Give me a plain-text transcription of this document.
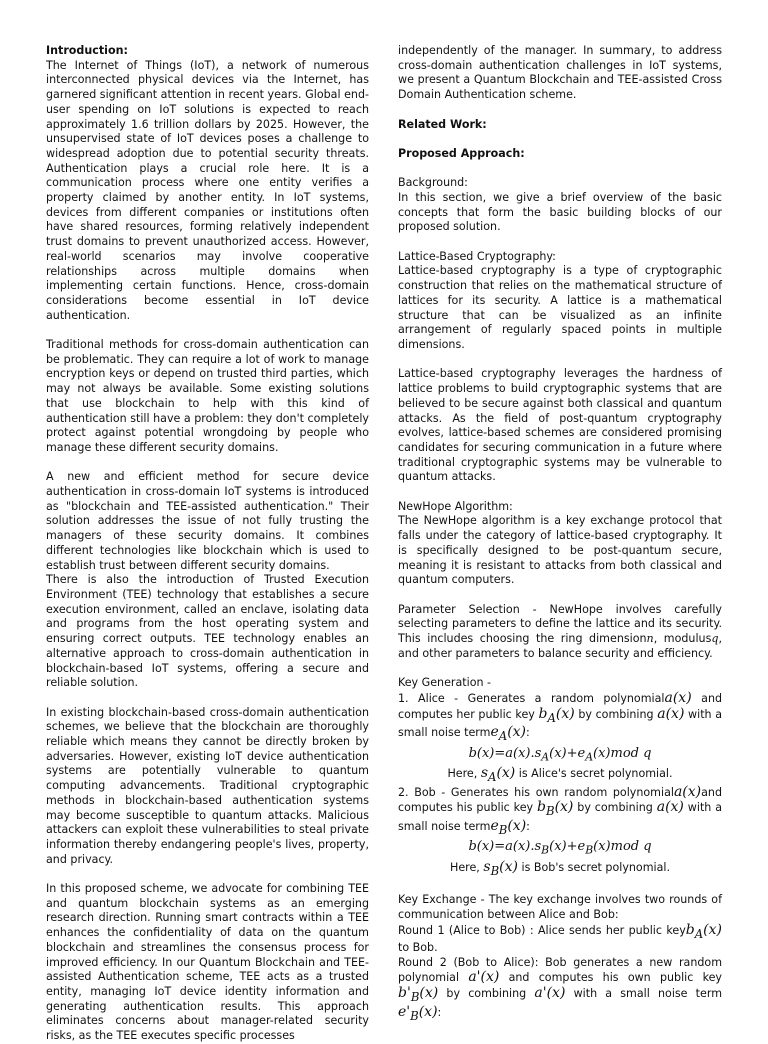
Introduction:

The Internet of Things (IoT), a network of numerous interconnected physical devices via the Internet, has garnered significant attention in recent years. Global end-user spending on IoT solutions is expected to reach approximately 1.6 trillion dollars by 2025. However, the unsupervised state of IoT devices poses a challenge to widespread adoption due to potential security threats. Authentication plays a crucial role here. It is a communication process where one entity verifies a property claimed by another entity. In IoT systems, devices from different companies or institutions often have shared resources, forming relatively independent trust domains to prevent unauthorized access. However, real-world scenarios may involve cooperative relationships across multiple domains when implementing certain functions. Hence, cross-domain considerations become essential in IoT device authentication.

Traditional methods for cross-domain authentication can be problematic. They can require a lot of work to manage encryption keys or depend on trusted third parties, which may not always be available. Some existing solutions that use blockchain to help with this kind of authentication still have a problem: they don't completely protect against potential wrongdoing by people who manage these different security domains.

A new and efficient method for secure device authentication in cross-domain IoT systems is introduced as "blockchain and TEE-assisted authentication." Their solution addresses the issue of not fully trusting the managers of these security domains. It combines different technologies like blockchain which is used to establish trust between different security domains.

There is also the introduction of Trusted Execution Environment (TEE) technology that establishes a secure execution environment, called an enclave, isolating data and programs from the host operating system and ensuring correct outputs. TEE technology enables an alternative approach to cross-domain authentication in blockchain-based IoT systems, offering a secure and reliable solution.

In existing blockchain-based cross-domain authentication schemes, we believe that the blockchain are thoroughly reliable which means they cannot be directly broken by adversaries. However, existing IoT device authentication systems are potentially vulnerable to quantum computing advancements. Traditional cryptographic methods in blockchain-based authentication systems may become susceptible to quantum attacks. Malicious attackers can exploit these vulnerabilities to steal private information thereby endangering people's lives, property, and privacy.

In this proposed scheme, we advocate for combining TEE and quantum blockchain systems as an emerging research direction. Running smart contracts within a TEE enhances the confidentiality of data on the quantum blockchain and streamlines the consensus process for improved efficiency. In our Quantum Blockchain and TEE-assisted Authentication scheme, TEE acts as a trusted entity, managing IoT device identity information and generating authentication results. This approach eliminates concerns about manager-related security risks, as the TEE executes specific processes

independently of the manager. In summary, to address cross-domain authentication challenges in IoT systems, we present a Quantum Blockchain and TEE-assisted Cross Domain Authentication scheme.

Related Work:

Proposed Approach:

Background:

In this section, we give a brief overview of the basic concepts that form the basic building blocks of our proposed solution.

Lattice-Based Cryptography:

Lattice-based cryptography is a type of cryptographic construction that relies on the mathematical structure of lattices for its security. A lattice is a mathematical structure that can be visualized as an infinite arrangement of regularly spaced points in multiple dimensions.

Lattice-based cryptography leverages the hardness of lattice problems to build cryptographic systems that are believed to be secure against both classical and quantum attacks. As the field of post-quantum cryptography evolves, lattice-based schemes are considered promising candidates for securing communication in a future where traditional cryptographic systems may be vulnerable to quantum attacks.

NewHope Algorithm:

The NewHope algorithm is a key exchange protocol that falls under the category of lattice-based cryptography. It is specifically designed to be post-quantum secure, meaning it is resistant to attacks from both classical and quantum computers.

Parameter Selection - NewHope involves carefully selecting parameters to define the lattice and its security. This includes choosing the ring dimensionn, modulusq, and other parameters to balance security and efficiency.

Key Generation -

1. Alice - Generates a random polynomiala(x) and computes her public key $b_A(x)$ by combining a(x) with a small noise terme$_A$(x):

$b(x)=a(x).s_A(x)+e_A(x)mod$ q

Here, $s_A(x)$ is Alice's secret polynomial.

2. Bob - Generates his own random polynomiala(x)and computes his public key $b_B(x)$ by combining a(x) with a small noise terme$_B$(x):

$b(x)=a(x).s_B(x)+e_B(x)mod$ q

Here, $s_B(x)$ is Bob's secret polynomial.

Key Exchange - The key exchange involves two rounds of communication between Alice and Bob:

Round 1 (Alice to Bob) : Alice sends her public keyb$_A$(x) to Bob.

Round 2 (Bob to Alice): Bob generates a new random polynomial a'(x) and computes his own public key $b'_B(x)$ by combining a'(x) with a small noise term $e'_B(x)$:
